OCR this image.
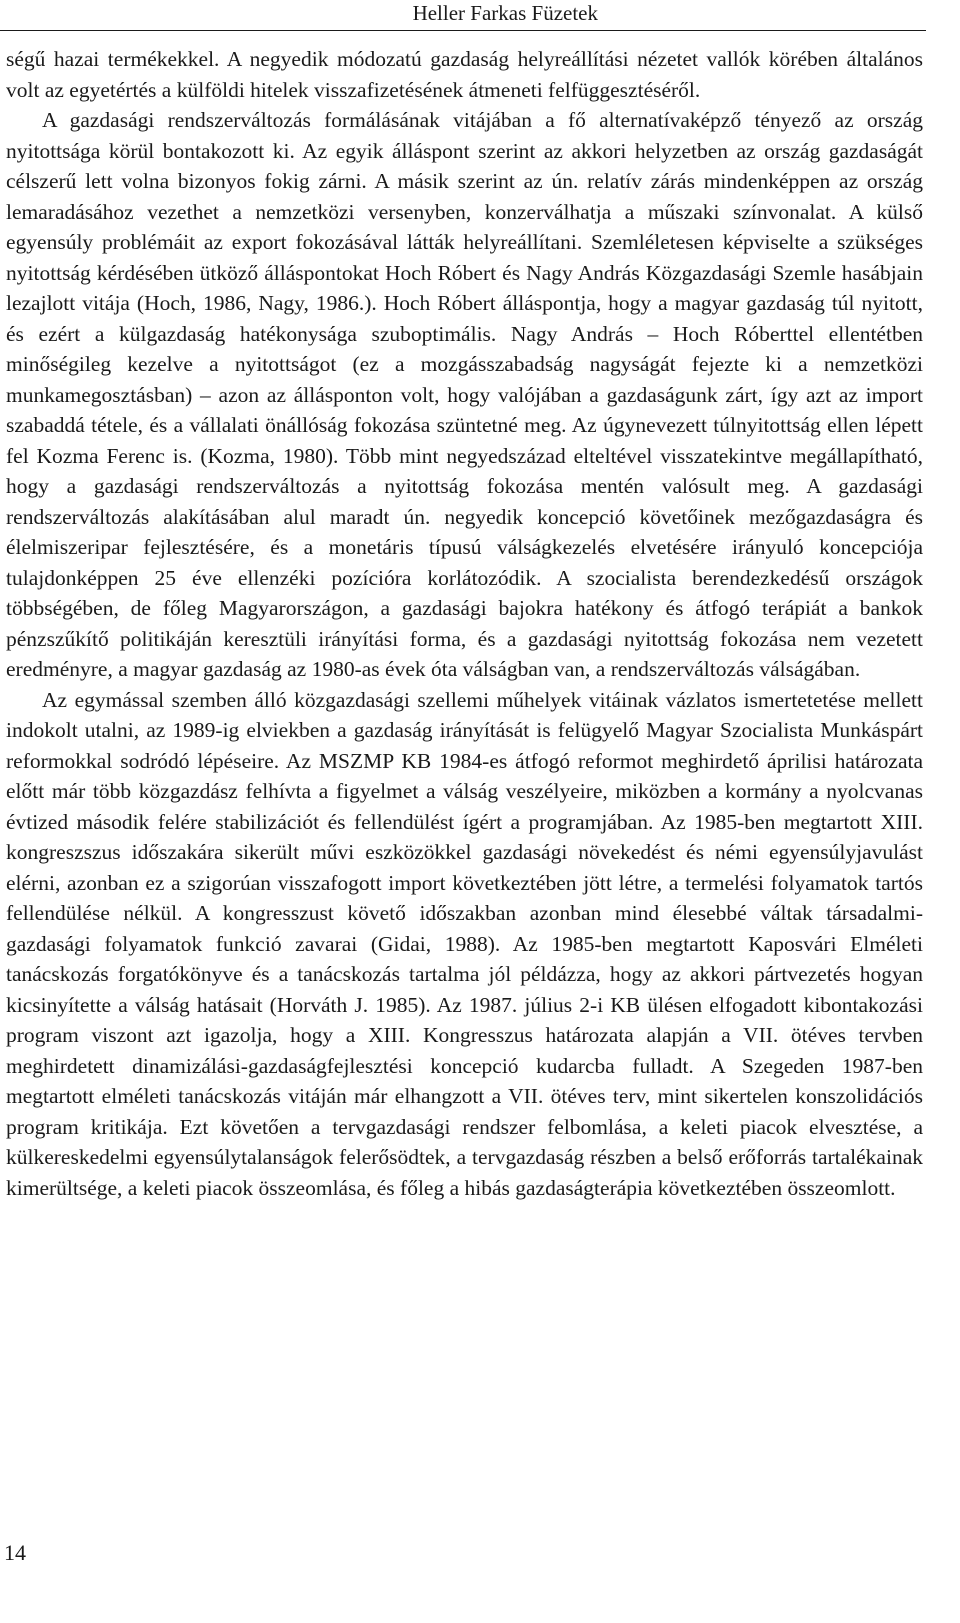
Heller Farkas Füzetek

ségű hazai termékekkel. A negyedik módozatú gazdaság helyreállítási nézetet vallók körében általános volt az egyetértés a külföldi hitelek visszafizetésének átmeneti felfüggesztéséről.

A gazdasági rendszerváltozás formálásának vitájában a fő alternatívaképző tényező az ország nyitottsága körül bontakozott ki. Az egyik álláspont szerint az akkori helyzetben az ország gazdaságát célszerű lett volna bizonyos fokig zárni. A másik szerint az ún. relatív zárás mindenképpen az ország lemaradásához vezethet a nemzetközi versenyben, konzerválhatja a műszaki színvonalat. A külső egyensúly problémáit az export fokozásával látták helyreállítani. Szemléletesen képviselte a szükséges nyitottság kérdésében ütköző álláspontokat Hoch Róbert és Nagy András Közgazdasági Szemle hasábjain lezajlott vitája (Hoch, 1986, Nagy, 1986.). Hoch Róbert álláspontja, hogy a magyar gazdaság túl nyitott, és ezért a külgazdaság hatékonysága szuboptimális. Nagy András – Hoch Róberttel ellentétben minőségileg kezelve a nyitottságot (ez a mozgásszabadság nagyságát fejezte ki a nemzetközi munkamegosztásban) – azon az állásponton volt, hogy valójában a gazdaságunk zárt, így azt az import szabaddá tétele, és a vállalati önállóság fokozása szüntetné meg. Az úgynevezett túlnyitottság ellen lépett fel Kozma Ferenc is. (Kozma, 1980). Több mint negyedszázad elteltével visszatekintve megállapítható, hogy a gazdasági rendszerváltozás a nyitottság fokozása mentén valósult meg. A gazdasági rendszerváltozás alakításában alul maradt ún. negyedik koncepció követőinek mezőgazdaságra és élelmiszeripar fejlesztésére, és a monetáris típusú válságkezelés elvetésére irányuló koncepciója tulajdonképpen 25 éve ellenzéki pozícióra korlátozódik. A szocialista berendezkedésű országok többségében, de főleg Magyarországon, a gazdasági bajokra hatékony és átfogó terápiát a bankok pénzszűkítő politikáján keresztüli irányítási forma, és a gazdasági nyitottság fokozása nem vezetett eredményre, a magyar gazdaság az 1980-as évek óta válságban van, a rendszerváltozás válságában.

Az egymással szemben álló közgazdasági szellemi műhelyek vitáinak vázlatos ismertetetése mellett indokolt utalni, az 1989-ig elviekben a gazdaság irányítását is felügyelő Magyar Szocialista Munkáspárt reformokkal sodródó lépéseire. Az MSZMP KB 1984-es átfogó reformot meghirdető áprilisi határozata előtt már több közgazdász felhívta a figyelmet a válság veszélyeire, miközben a kormány a nyolcvanas évtized második felére stabilizációt és fellendülést ígért a programjában. Az 1985-ben megtartott XIII. kongreszszus időszakára sikerült művi eszközökkel gazdasági növekedést és némi egyensúlyjavulást elérni, azonban ez a szigorúan visszafogott import következtében jött létre, a termelési folyamatok tartós fellendülése nélkül. A kongresszust követő időszakban azonban mind élesebbé váltak társadalmi-gazdasági folyamatok funkció zavarai (Gidai, 1988). Az 1985-ben megtartott Kaposvári Elméleti tanácskozás forgatókönyve és a tanácskozás tartalma jól példázza, hogy az akkori pártvezetés hogyan kicsinyítette a válság hatásait (Horváth J. 1985). Az 1987. július 2-i KB ülésen elfogadott kibontakozási program viszont azt igazolja, hogy a XIII. Kongresszus határozata alapján a VII. ötéves tervben meghirdetett dinamizálási-gazdaságfejlesztési koncepció kudarcba fulladt. A Szegeden 1987-ben megtartott elméleti tanácskozás vitáján már elhangzott a VII. ötéves terv, mint sikertelen konszolidációs program kritikája. Ezt követően a tervgazdasági rendszer felbomlása, a keleti piacok elvesztése, a külkereskedelmi egyensúlytalanságok felerősödtek, a tervgazdaság részben a belső erőforrás tartalékainak kimerültsége, a keleti piacok összeomlása, és főleg a hibás gazdaságterápia következtében összeomlott.

14
